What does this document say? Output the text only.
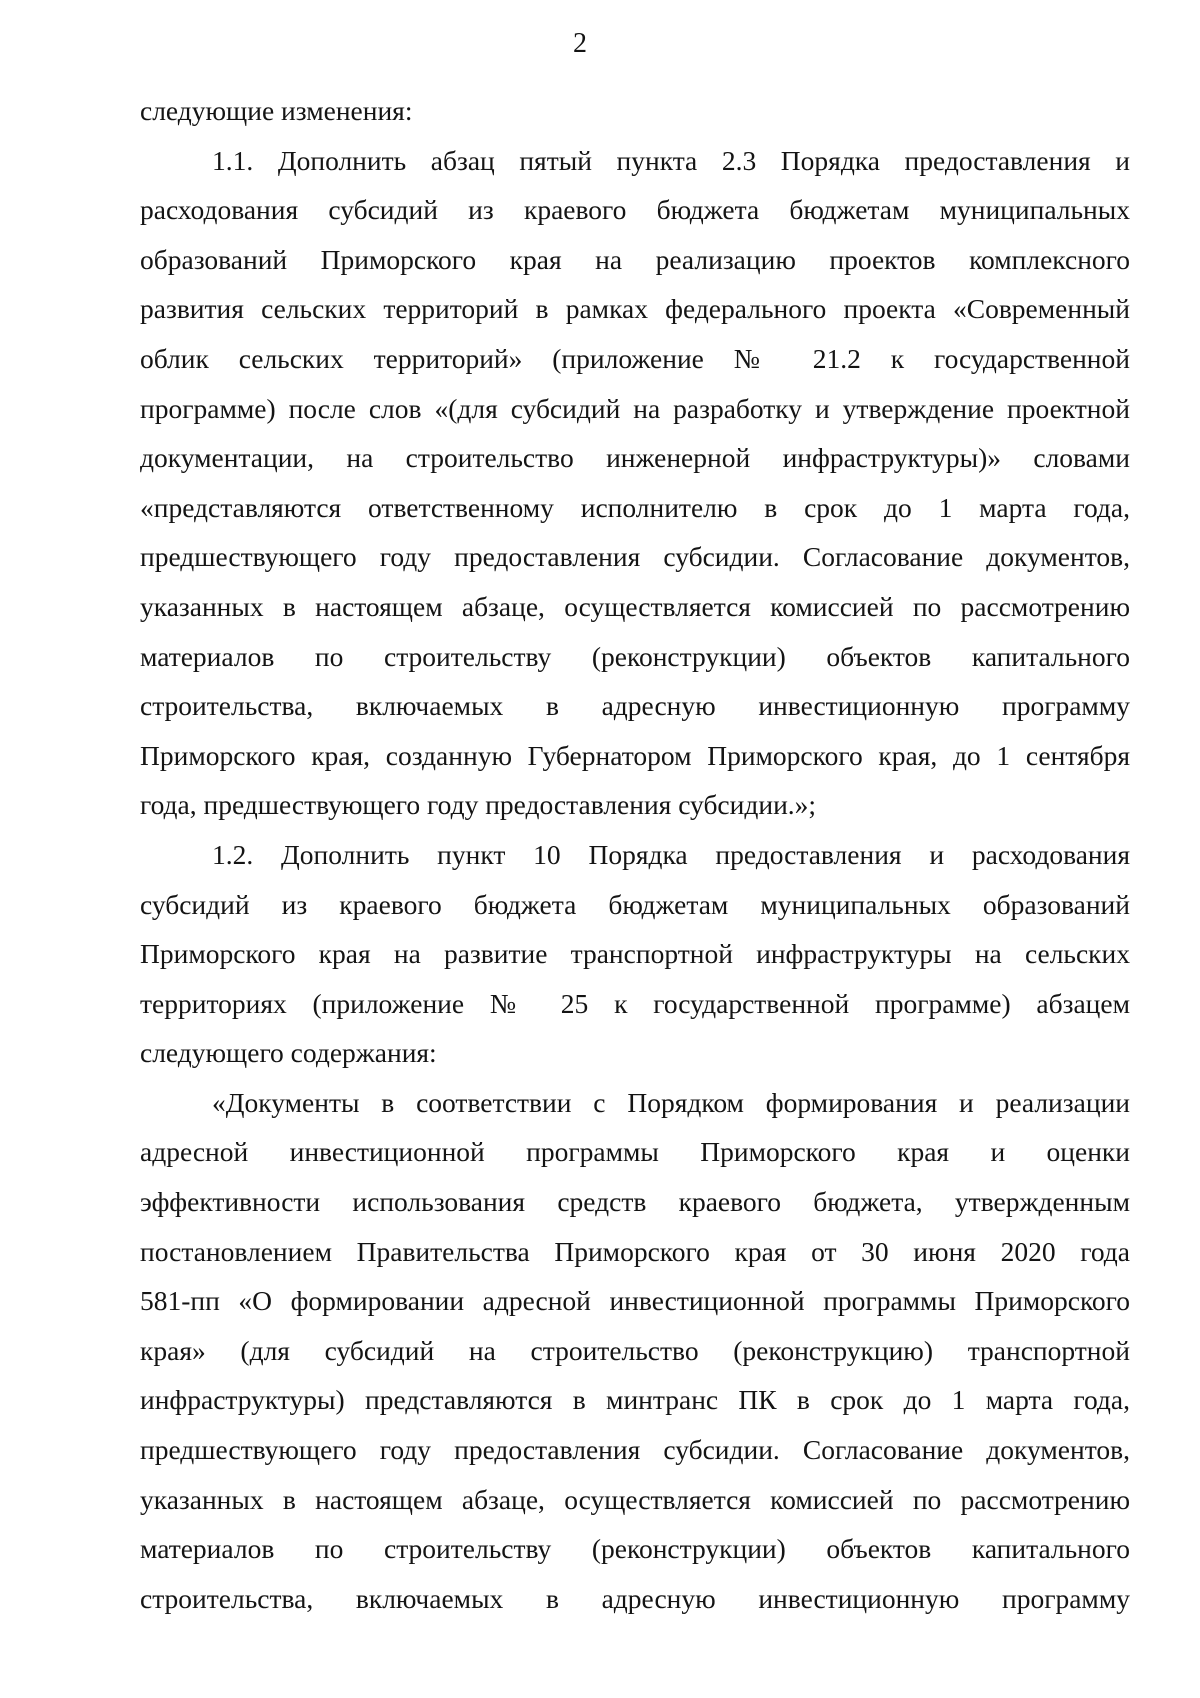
2
следующие изменения:
1.1. Дополнить абзац пятый пункта 2.3 Порядка предоставления и
расходования субсидий из краевого бюджета бюджетам муниципальных
образований Приморского края на реализацию проектов комплексного
развития сельских территорий в рамках федерального проекта «Современный
облик сельских территорий» (приложение № 21.2 к государственной
программе) после слов «(для субсидий на разработку и утверждение проектной
документации, на строительство инженерной инфраструктуры)» словами
«представляются ответственному исполнителю в срок до 1 марта года,
предшествующего году предоставления субсидии. Согласование документов,
указанных в настоящем абзаце, осуществляется комиссией по рассмотрению
материалов по строительству (реконструкции) объектов капитального
строительства, включаемых в адресную инвестиционную программу
Приморского края, созданную Губернатором Приморского края, до 1 сентября
года, предшествующего году предоставления субсидии.»;
1.2. Дополнить пункт 10 Порядка предоставления и расходования
субсидий из краевого бюджета бюджетам муниципальных образований
Приморского края на развитие транспортной инфраструктуры на сельских
территориях (приложение № 25 к государственной программе) абзацем
следующего содержания:
«Документы в соответствии с Порядком формирования и реализации
адресной инвестиционной программы Приморского края и оценки
эффективности использования средств краевого бюджета, утвержденным
постановлением Правительства Приморского края от 30 июня 2020 года
581-пп «О формировании адресной инвестиционной программы Приморского
края» (для субсидий на строительство (реконструкцию) транспортной
инфраструктуры) представляются в минтранс ПК в срок до 1 марта года,
предшествующего году предоставления субсидии. Согласование документов,
указанных в настоящем абзаце, осуществляется комиссией по рассмотрению
материалов по строительству (реконструкции) объектов капитального
строительства, включаемых в адресную инвестиционную программу
